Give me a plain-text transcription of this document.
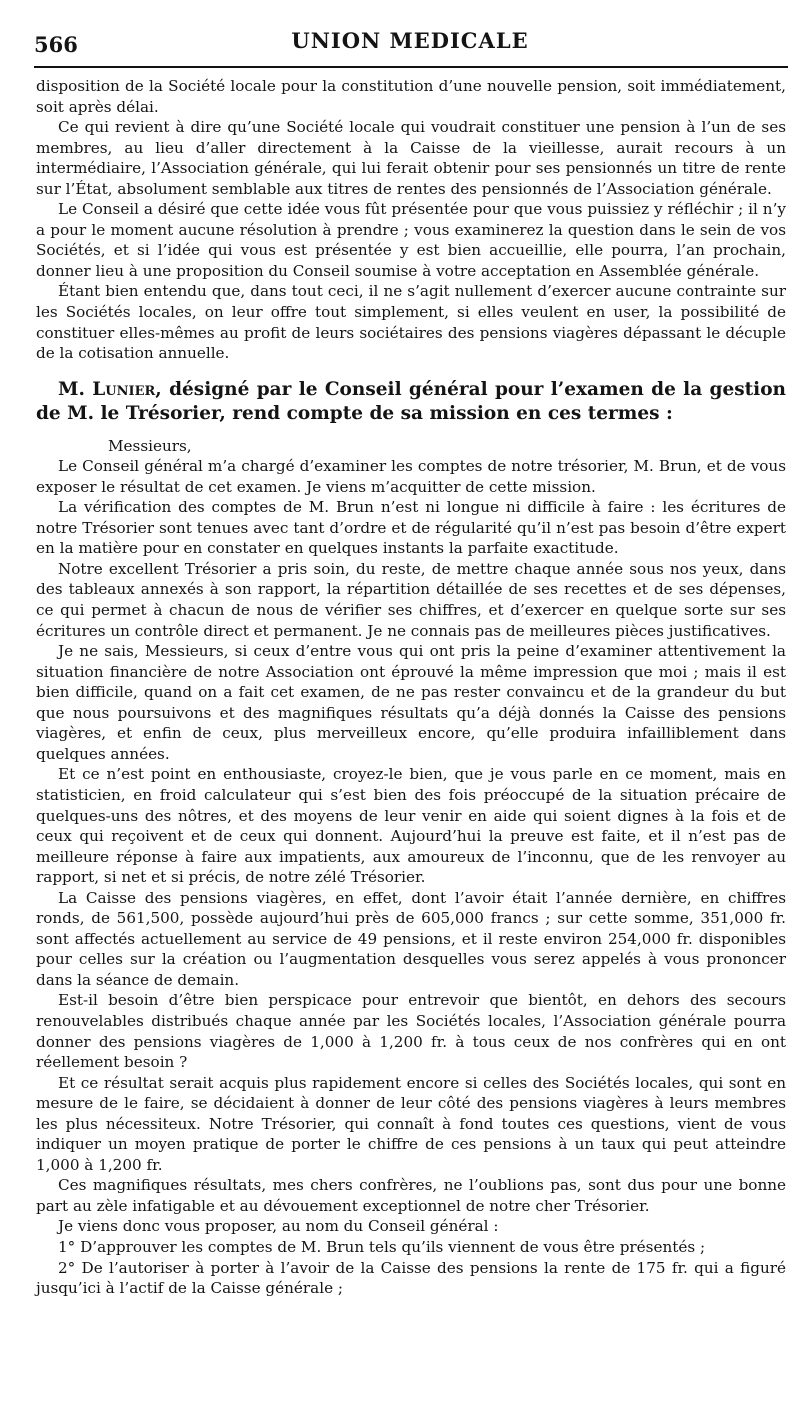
566	UNION MEDICALE

disposition de la Société locale pour la constitution d’une nouvelle pension, soit immédiatement, soit après délai.

Ce qui revient à dire qu’une Société locale qui voudrait constituer une pension à l’un de ses membres, au lieu d’aller directement à la Caisse de la vieillesse, aurait recours à un intermédiaire, l’Association générale, qui lui ferait obtenir pour ses pensionnés un titre de rente sur l’État, absolument semblable aux titres de rentes des pensionnés de l’Association générale.

Le Conseil a désiré que cette idée vous fût présentée pour que vous puissiez y réfléchir ; il n’y a pour le moment aucune résolution à prendre ; vous examinerez la question dans le sein de vos Sociétés, et si l’idée qui vous est présentée y est bien accueillie, elle pourra, l’an prochain, donner lieu à une proposition du Conseil soumise à votre acceptation en Assemblée générale.

Étant bien entendu que, dans tout ceci, il ne s’agit nullement d’exercer aucune contrainte sur les Sociétés locales, on leur offre tout simplement, si elles veulent en user, la possibilité de constituer elles-mêmes au profit de leurs sociétaires des pensions viagères dépassant le décuple de la cotisation annuelle.

M. Lunier, désigné par le Conseil général pour l’examen de la gestion de M. le Trésorier, rend compte de sa mission en ces termes :

Messieurs,

Le Conseil général m’a chargé d’examiner les comptes de notre trésorier, M. Brun, et de vous exposer le résultat de cet examen. Je viens m’acquitter de cette mission.

La vérification des comptes de M. Brun n’est ni longue ni difficile à faire : les écritures de notre Trésorier sont tenues avec tant d’ordre et de régularité qu’il n’est pas besoin d’être expert en la matière pour en constater en quelques instants la parfaite exactitude.

Notre excellent Trésorier a pris soin, du reste, de mettre chaque année sous nos yeux, dans des tableaux annexés à son rapport, la répartition détaillée de ses recettes et de ses dépenses, ce qui permet à chacun de nous de vérifier ses chiffres, et d’exercer en quelque sorte sur ses écritures un contrôle direct et permanent. Je ne connais pas de meilleures pièces justificatives.

Je ne sais, Messieurs, si ceux d’entre vous qui ont pris la peine d’examiner attentivement la situation financière de notre Association ont éprouvé la même impression que moi ; mais il est bien difficile, quand on a fait cet examen, de ne pas rester convaincu et de la grandeur du but que nous poursuivons et des magnifiques résultats qu’a déjà donnés la Caisse des pensions viagères, et enfin de ceux, plus merveilleux encore, qu’elle produira infailliblement dans quelques années.

Et ce n’est point en enthousiaste, croyez-le bien, que je vous parle en ce moment, mais en statisticien, en froid calculateur qui s’est bien des fois préoccupé de la situation précaire de quelques-uns des nôtres, et des moyens de leur venir en aide qui soient dignes à la fois et de ceux qui reçoivent et de ceux qui donnent. Aujourd’hui la preuve est faite, et il n’est pas de meilleure réponse à faire aux impatients, aux amoureux de l’inconnu, que de les renvoyer au rapport, si net et si précis, de notre zélé Trésorier.

La Caisse des pensions viagères, en effet, dont l’avoir était l’année dernière, en chiffres ronds, de 561,500, possède aujourd’hui près de 605,000 francs ; sur cette somme, 351,000 fr. sont affectés actuellement au service de 49 pensions, et il reste environ 254,000 fr. disponibles pour celles sur la création ou l’augmentation desquelles vous serez appelés à vous prononcer dans la séance de demain.

Est-il besoin d’être bien perspicace pour entrevoir que bientôt, en dehors des secours renouvelables distribués chaque année par les Sociétés locales, l’Association générale pourra donner des pensions viagères de 1,000 à 1,200 fr. à tous ceux de nos confrères qui en ont réellement besoin ?

Et ce résultat serait acquis plus rapidement encore si celles des Sociétés locales, qui sont en mesure de le faire, se décidaient à donner de leur côté des pensions viagères à leurs membres les plus nécessiteux. Notre Trésorier, qui connaît à fond toutes ces questions, vient de vous indiquer un moyen pratique de porter le chiffre de ces pensions à un taux qui peut atteindre 1,000 à 1,200 fr.

Ces magnifiques résultats, mes chers confrères, ne l’oublions pas, sont dus pour une bonne part au zèle infatigable et au dévouement exceptionnel de notre cher Trésorier.

Je viens donc vous proposer, au nom du Conseil général :

1° D’approuver les comptes de M. Brun tels qu’ils viennent de vous être présentés ;

2° De l’autoriser à porter à l’avoir de la Caisse des pensions la rente de 175 fr. qui a figuré jusqu’ici à l’actif de la Caisse générale ;
